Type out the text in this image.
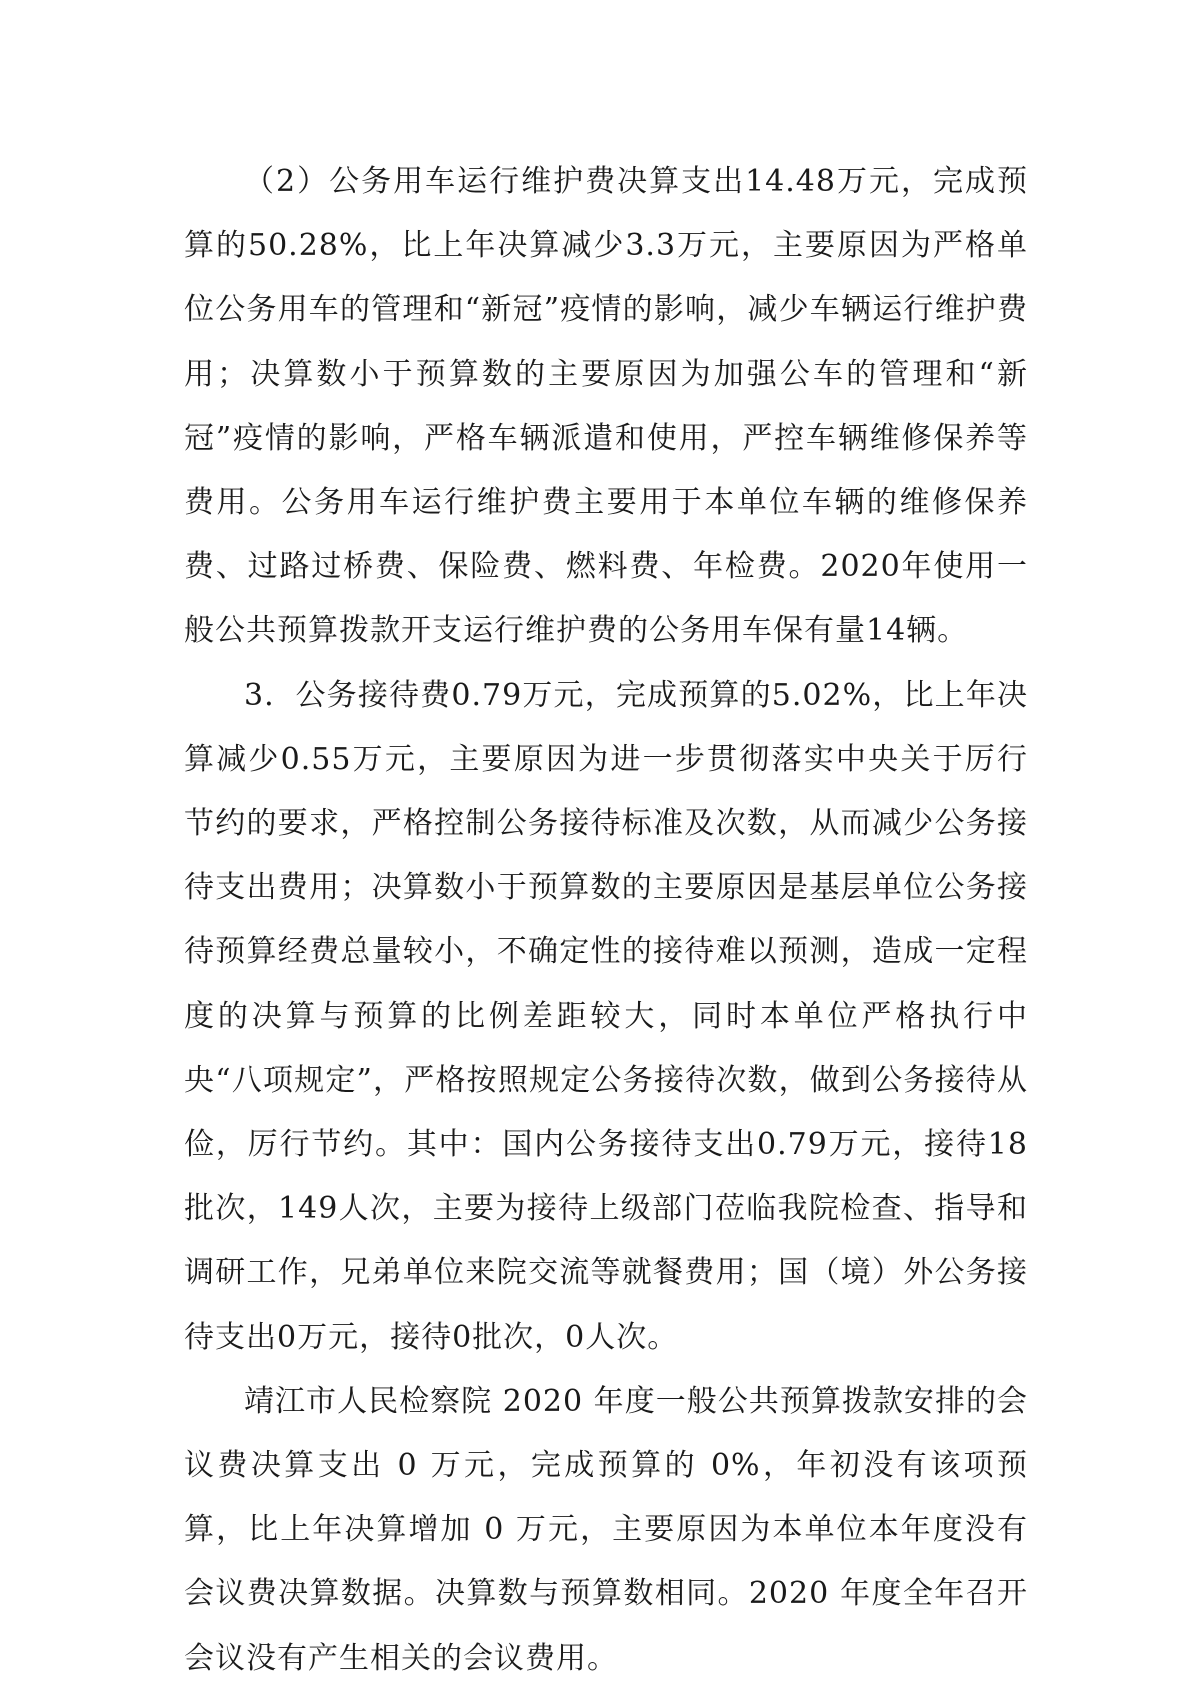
（2）公务用车运行维护费决算支出14.48万元，完成预算的50.28%，比上年决算减少3.3万元，主要原因为严格单位公务用车的管理和“新冠”疫情的影响，减少车辆运行维护费用；决算数小于预算数的主要原因为加强公车的管理和“新冠”疫情的影响，严格车辆派遣和使用，严控车辆维修保养等费用。公务用车运行维护费主要用于本单位车辆的维修保养费、过路过桥费、保险费、燃料费、年检费。2020年使用一般公共预算拨款开支运行维护费的公务用车保有量14辆。

3．公务接待费0.79万元，完成预算的5.02%，比上年决算减少0.55万元，主要原因为进一步贯彻落实中央关于厉行节约的要求，严格控制公务接待标准及次数，从而减少公务接待支出费用；决算数小于预算数的主要原因是基层单位公务接待预算经费总量较小，不确定性的接待难以预测，造成一定程度的决算与预算的比例差距较大，同时本单位严格执行中央“八项规定”，严格按照规定公务接待次数，做到公务接待从俭，厉行节约。其中：国内公务接待支出0.79万元，接待18批次，149人次，主要为接待上级部门莅临我院检查、指导和调研工作，兄弟单位来院交流等就餐费用；国（境）外公务接待支出0万元，接待0批次，0人次。

靖江市人民检察院 2020 年度一般公共预算拨款安排的会议费决算支出 0 万元，完成预算的 0%，年初没有该项预算，比上年决算增加 0 万元，主要原因为本单位本年度没有会议费决算数据。决算数与预算数相同。2020 年度全年召开会议没有产生相关的会议费用。
